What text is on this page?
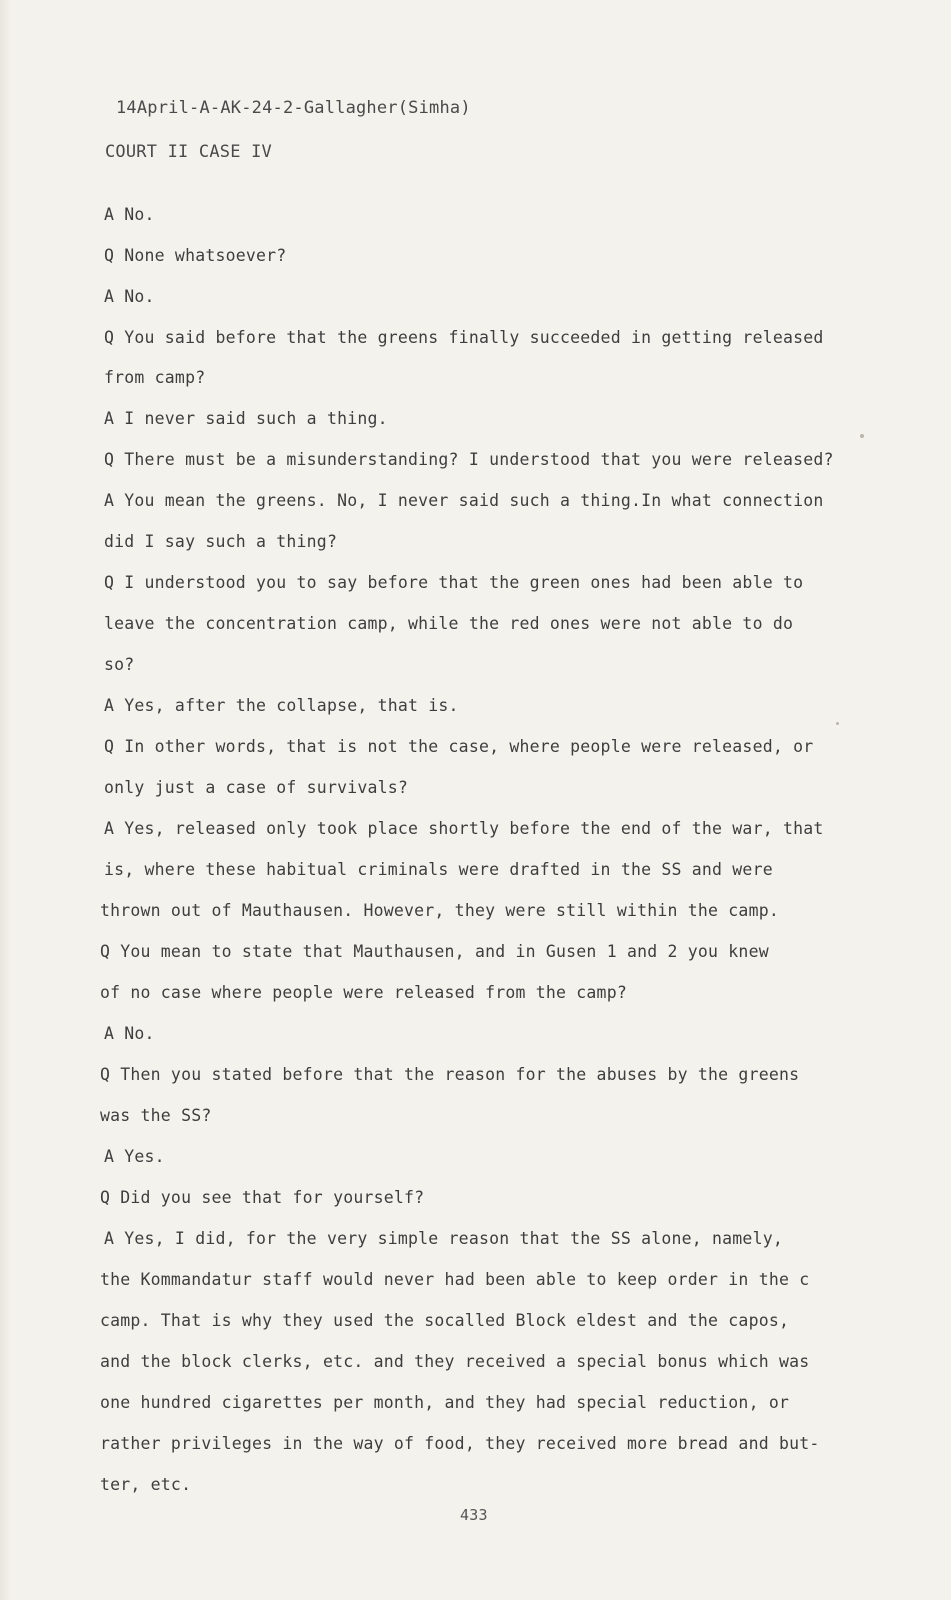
14April-A-AK-24-2-Gallagher(Simha)
COURT II CASE IV
A No.
Q None whatsoever?
A No.
Q You said before that the greens finally succeeded in getting released
from camp?
A I never said such a thing.
Q There must be a misunderstanding? I understood that you were released?
A You mean the greens. No, I never said such a thing.In what connection
did I say such a thing?
Q I understood you to say before that the green ones had been able to
leave the concentration camp, while the red ones were not able to do
so?
A Yes, after the collapse, that is.
Q In other words, that is not the case, where people were released, or
only just a case of survivals?
A Yes, released only took place shortly before the end of the war, that
is, where these habitual criminals were drafted in the SS and were
thrown out of Mauthausen. However, they were still within the camp.
Q You mean to state that Mauthausen, and in Gusen 1 and 2 you knew
of no case where people were released from the camp?
A No.
Q Then you stated before that the reason for the abuses by the greens
was the SS?
A Yes.
Q Did you see that for yourself?
A Yes, I did, for the very simple reason that the SS alone, namely,
the Kommandatur staff would never had been able to keep order in the c
camp. That is why they used the socalled Block eldest and the capos,
and the block clerks, etc. and they received a special bonus which was
one hundred cigarettes per month, and they had special reduction, or
rather privileges in the way of food, they received more bread and but-
ter, etc.
433
